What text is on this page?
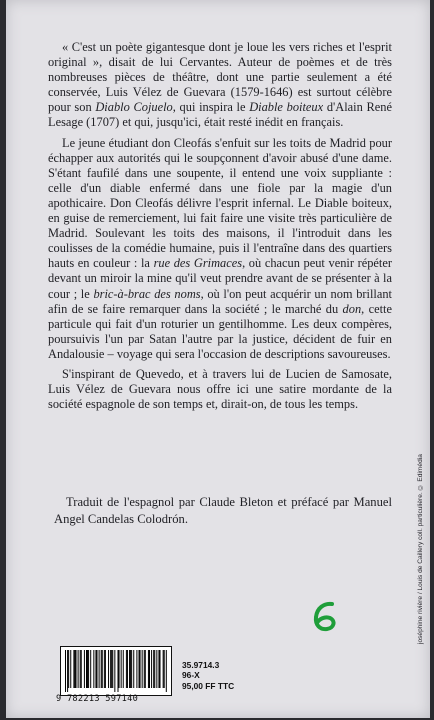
« C'est un poète gigantesque dont je loue les vers riches et l'esprit original », disait de lui Cervantes. Auteur de poèmes et de très nombreuses pièces de théâtre, dont une partie seulement a été conservée, Luis Vélez de Guevara (1579-1646) est surtout célèbre pour son Diablo Cojuelo, qui inspira le Diable boiteux d'Alain René Lesage (1707) et qui, jusqu'ici, était resté inédit en français.

Le jeune étudiant don Cleofás s'enfuit sur les toits de Madrid pour échapper aux autorités qui le soupçonnent d'avoir abusé d'une dame. S'étant faufilé dans une soupente, il entend une voix suppliante : celle d'un diable enfermé dans une fiole par la magie d'un apothicaire. Don Cleofás délivre l'esprit infernal. Le Diable boiteux, en guise de remerciement, lui fait faire une visite très particulière de Madrid. Soulevant les toits des maisons, il l'introduit dans les coulisses de la comédie humaine, puis il l'entraîne dans des quartiers hauts en couleur : la rue des Grimaces, où chacun peut venir répéter devant un miroir la mine qu'il veut prendre avant de se présenter à la cour ; le bric-à-brac des noms, où l'on peut acquérir un nom brillant afin de se faire remarquer dans la société ; le marché du don, cette particule qui fait d'un roturier un gentilhomme. Les deux compères, poursuivis l'un par Satan l'autre par la justice, décident de fuir en Andalousie – voyage qui sera l'occasion de descriptions savoureuses.

S'inspirant de Quevedo, et à travers lui de Lucien de Samosate, Luis Vélez de Guevara nous offre ici une satire mordante de la société espagnole de son temps et, dirait-on, de tous les temps.

Traduit de l'espagnol par Claude Bleton et préfacé par Manuel Angel Candelas Colodrón.	joséphine rivière / Louis de Caillery coll. particulière. © Edimédia
9 782213 597140
35.9714.3
96-X
95,00 FF TTC
